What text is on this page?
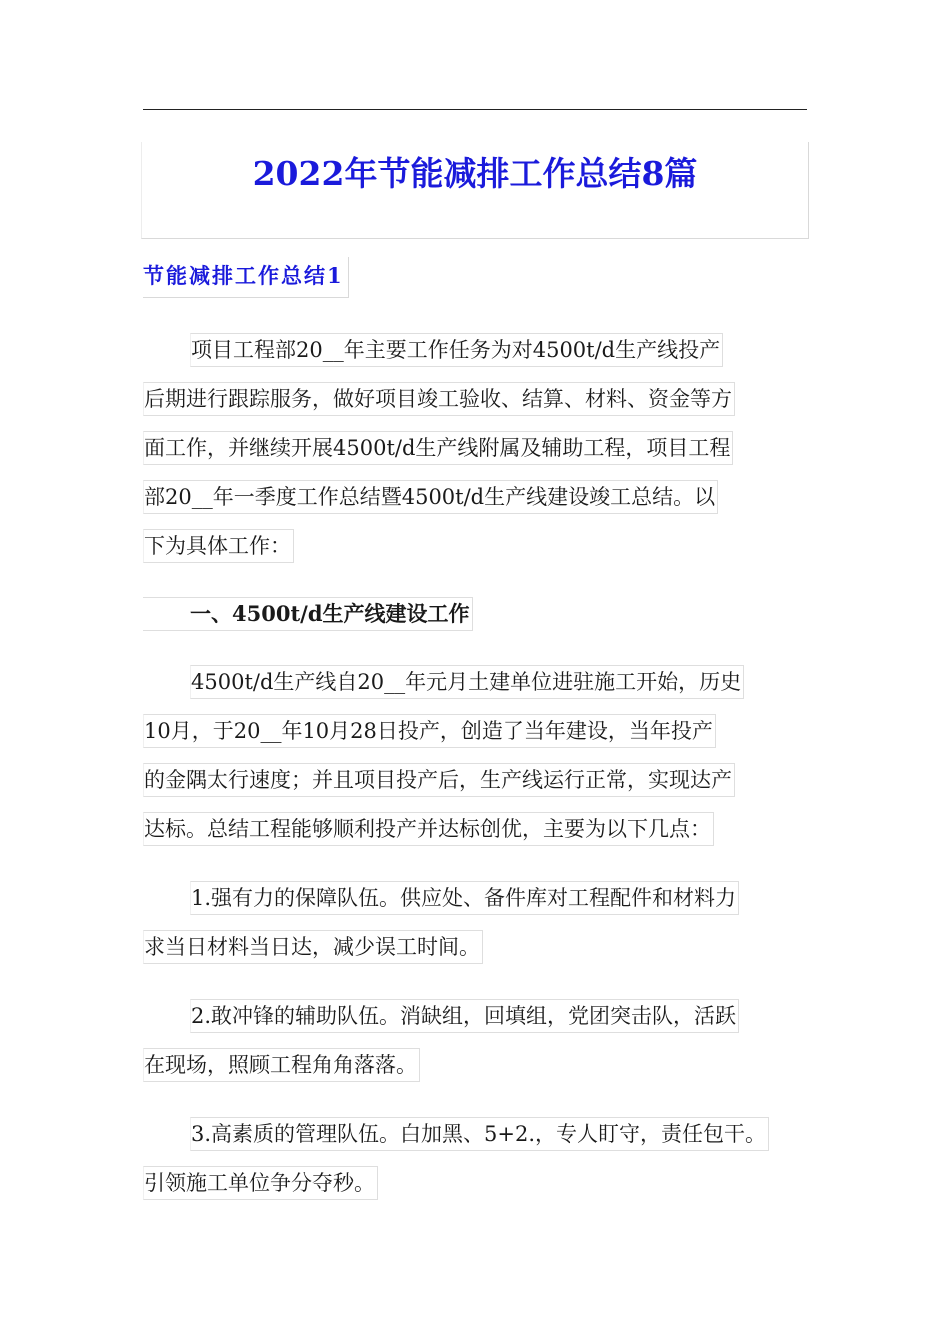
2022年节能减排工作总结8篇
节能减排工作总结1
项目工程部20__年主要工作任务为对4500t/d生产线投产
后期进行跟踪服务，做好项目竣工验收、结算、材料、资金等方
面工作，并继续开展4500t/d生产线附属及辅助工程，项目工程
部20__年一季度工作总结暨4500t/d生产线建设竣工总结。以
下为具体工作：
一、4500t/d生产线建设工作
4500t/d生产线自20__年元月土建单位进驻施工开始，历史
10月，于20__年10月28日投产，创造了当年建设，当年投产
的金隅太行速度；并且项目投产后，生产线运行正常，实现达产
达标。总结工程能够顺利投产并达标创优，主要为以下几点：
1.强有力的保障队伍。供应处、备件库对工程配件和材料力
求当日材料当日达，减少误工时间。
2.敢冲锋的辅助队伍。消缺组，回填组，党团突击队，活跃
在现场，照顾工程角角落落。
3.高素质的管理队伍。白加黑、5+2.，专人盯守，责任包干。
引领施工单位争分夺秒。
